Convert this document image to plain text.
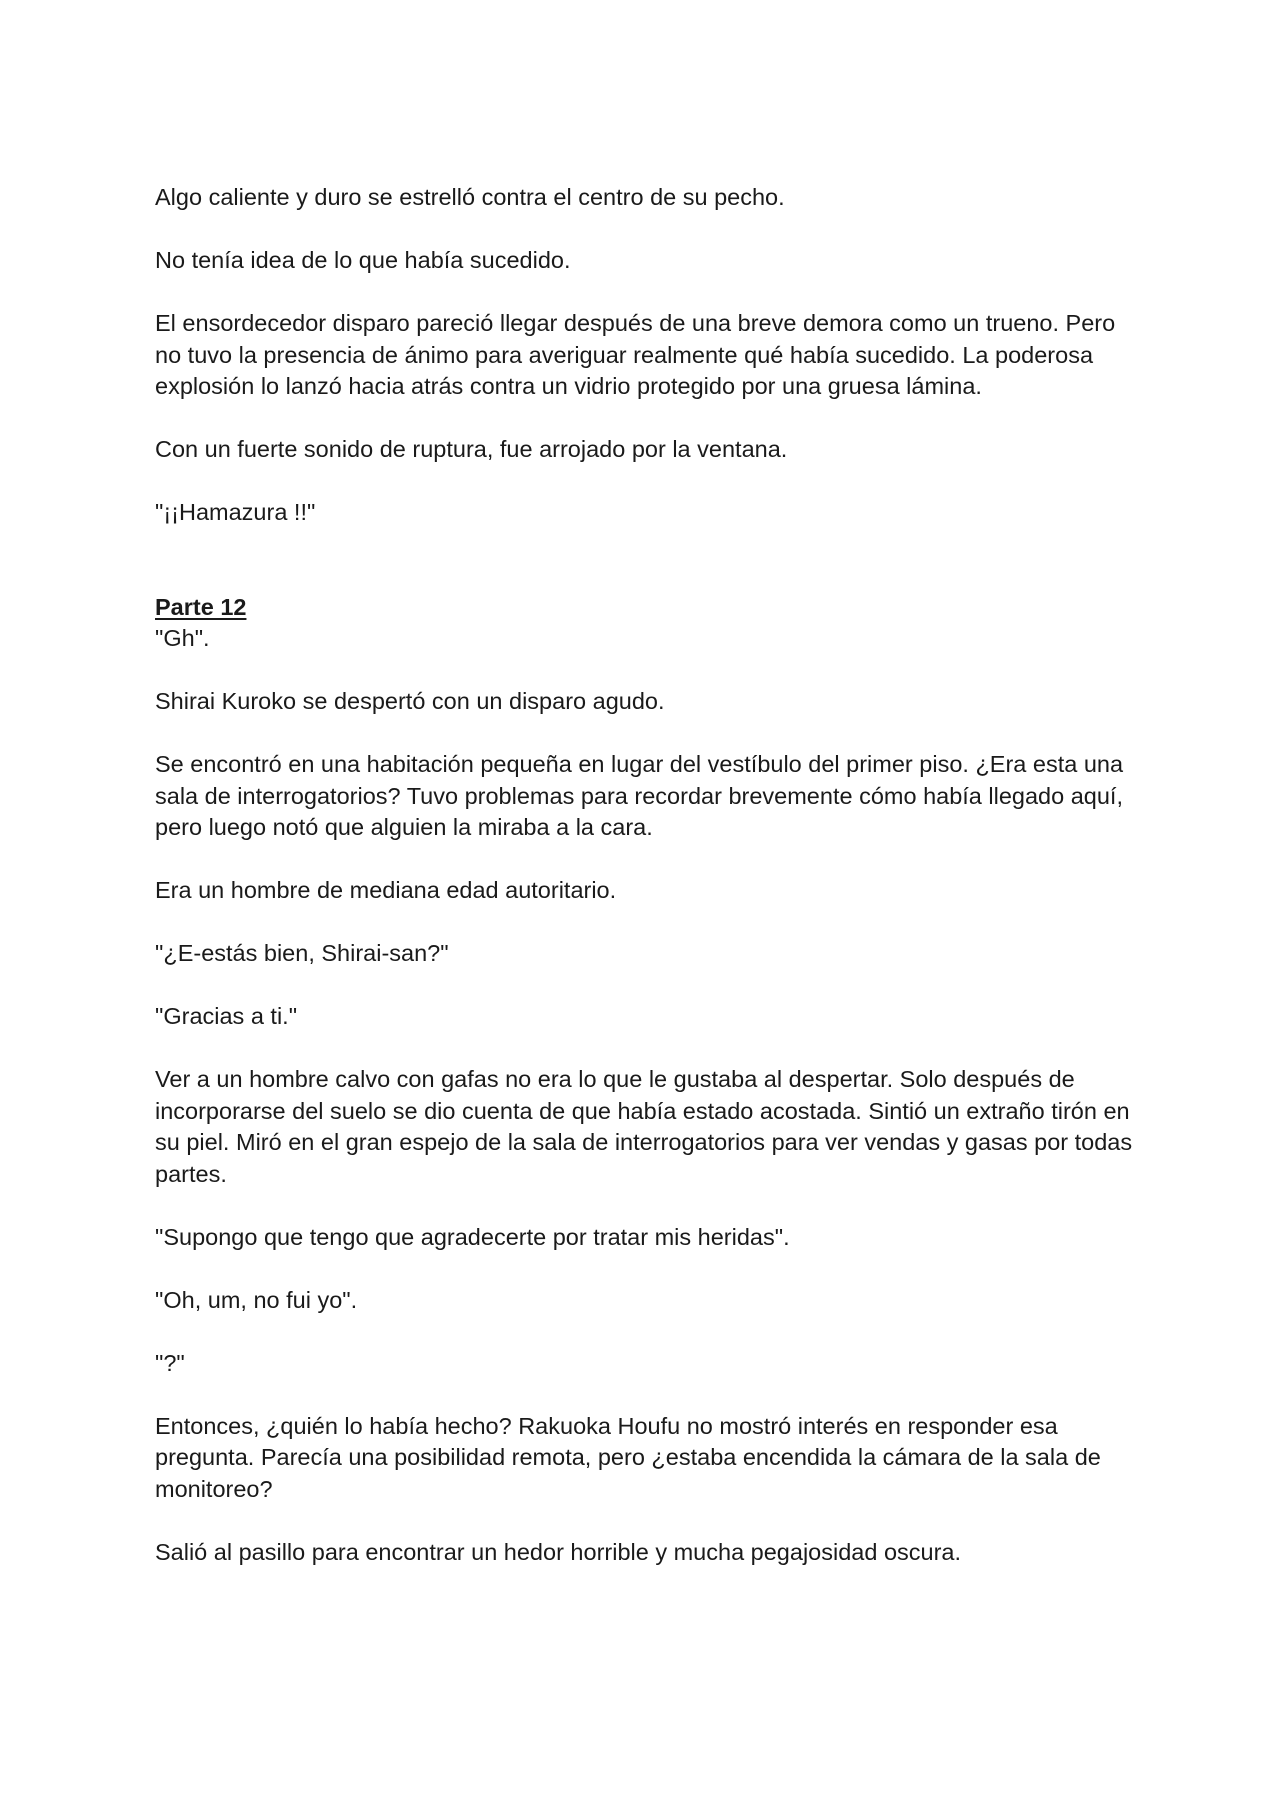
Algo caliente y duro se estrelló contra el centro de su pecho.

No tenía idea de lo que había sucedido.

El ensordecedor disparo pareció llegar después de una breve demora como un trueno. Pero no tuvo la presencia de ánimo para averiguar realmente qué había sucedido. La poderosa explosión lo lanzó hacia atrás contra un vidrio protegido por una gruesa lámina.

Con un fuerte sonido de ruptura, fue arrojado por la ventana.

"¡¡Hamazura !!"

Parte 12

"Gh".

Shirai Kuroko se despertó con un disparo agudo.

Se encontró en una habitación pequeña en lugar del vestíbulo del primer piso. ¿Era esta una sala de interrogatorios? Tuvo problemas para recordar brevemente cómo había llegado aquí, pero luego notó que alguien la miraba a la cara.

Era un hombre de mediana edad autoritario.

"¿E-estás bien, Shirai-san?"

"Gracias a ti."

Ver a un hombre calvo con gafas no era lo que le gustaba al despertar. Solo después de incorporarse del suelo se dio cuenta de que había estado acostada. Sintió un extraño tirón en su piel. Miró en el gran espejo de la sala de interrogatorios para ver vendas y gasas por todas partes.

"Supongo que tengo que agradecerte por tratar mis heridas".

"Oh, um, no fui yo".

"?"

Entonces, ¿quién lo había hecho? Rakuoka Houfu no mostró interés en responder esa pregunta. Parecía una posibilidad remota, pero ¿estaba encendida la cámara de la sala de monitoreo?

Salió al pasillo para encontrar un hedor horrible y mucha pegajosidad oscura.
